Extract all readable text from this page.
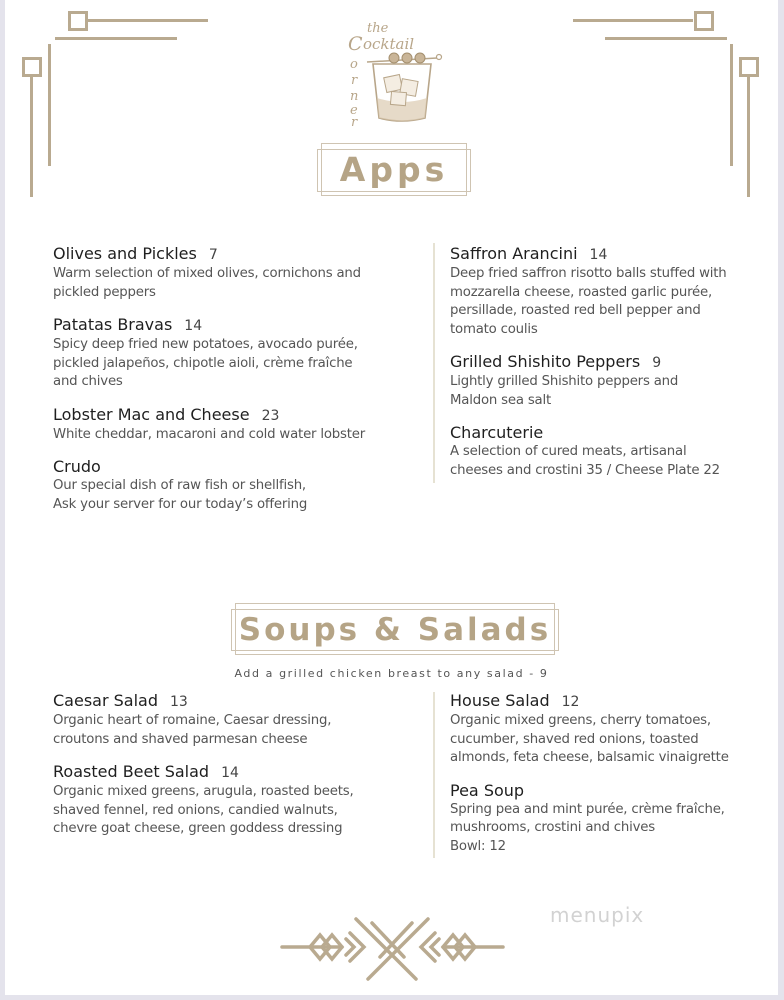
the
C ocktail
o
r
n
e
r
Apps
Olives and Pickles 7
Warm selection of mixed olives, cornichons and
pickled peppers
Patatas Bravas 14
Spicy deep fried new potatoes, avocado purée,
pickled jalapeños, chipotle aioli, crème fraîche
and chives
Lobster Mac and Cheese 23
White cheddar, macaroni and cold water lobster
Crudo
Our special dish of raw fish or shellfish,
Ask your server for our today’s offering
Saffron Arancini 14
Deep fried saffron risotto balls stuffed with
mozzarella cheese, roasted garlic purée,
persillade, roasted red bell pepper and
tomato coulis
Grilled Shishito Peppers 9
Lightly grilled Shishito peppers and
Maldon sea salt
Charcuterie
A selection of cured meats, artisanal
cheeses and crostini 35 / Cheese Plate 22
Soups & Salads
Add a grilled chicken breast to any salad - 9
Caesar Salad 13
Organic heart of romaine, Caesar dressing,
croutons and shaved parmesan cheese
Roasted Beet Salad 14
Organic mixed greens, arugula, roasted beets,
shaved fennel, red onions, candied walnuts,
chevre goat cheese, green goddess dressing
House Salad 12
Organic mixed greens, cherry tomatoes,
cucumber, shaved red onions, toasted
almonds, feta cheese, balsamic vinaigrette
Pea Soup
Spring pea and mint purée, crème fraîche,
mushrooms, crostini and chives
Bowl: 12
menupix
